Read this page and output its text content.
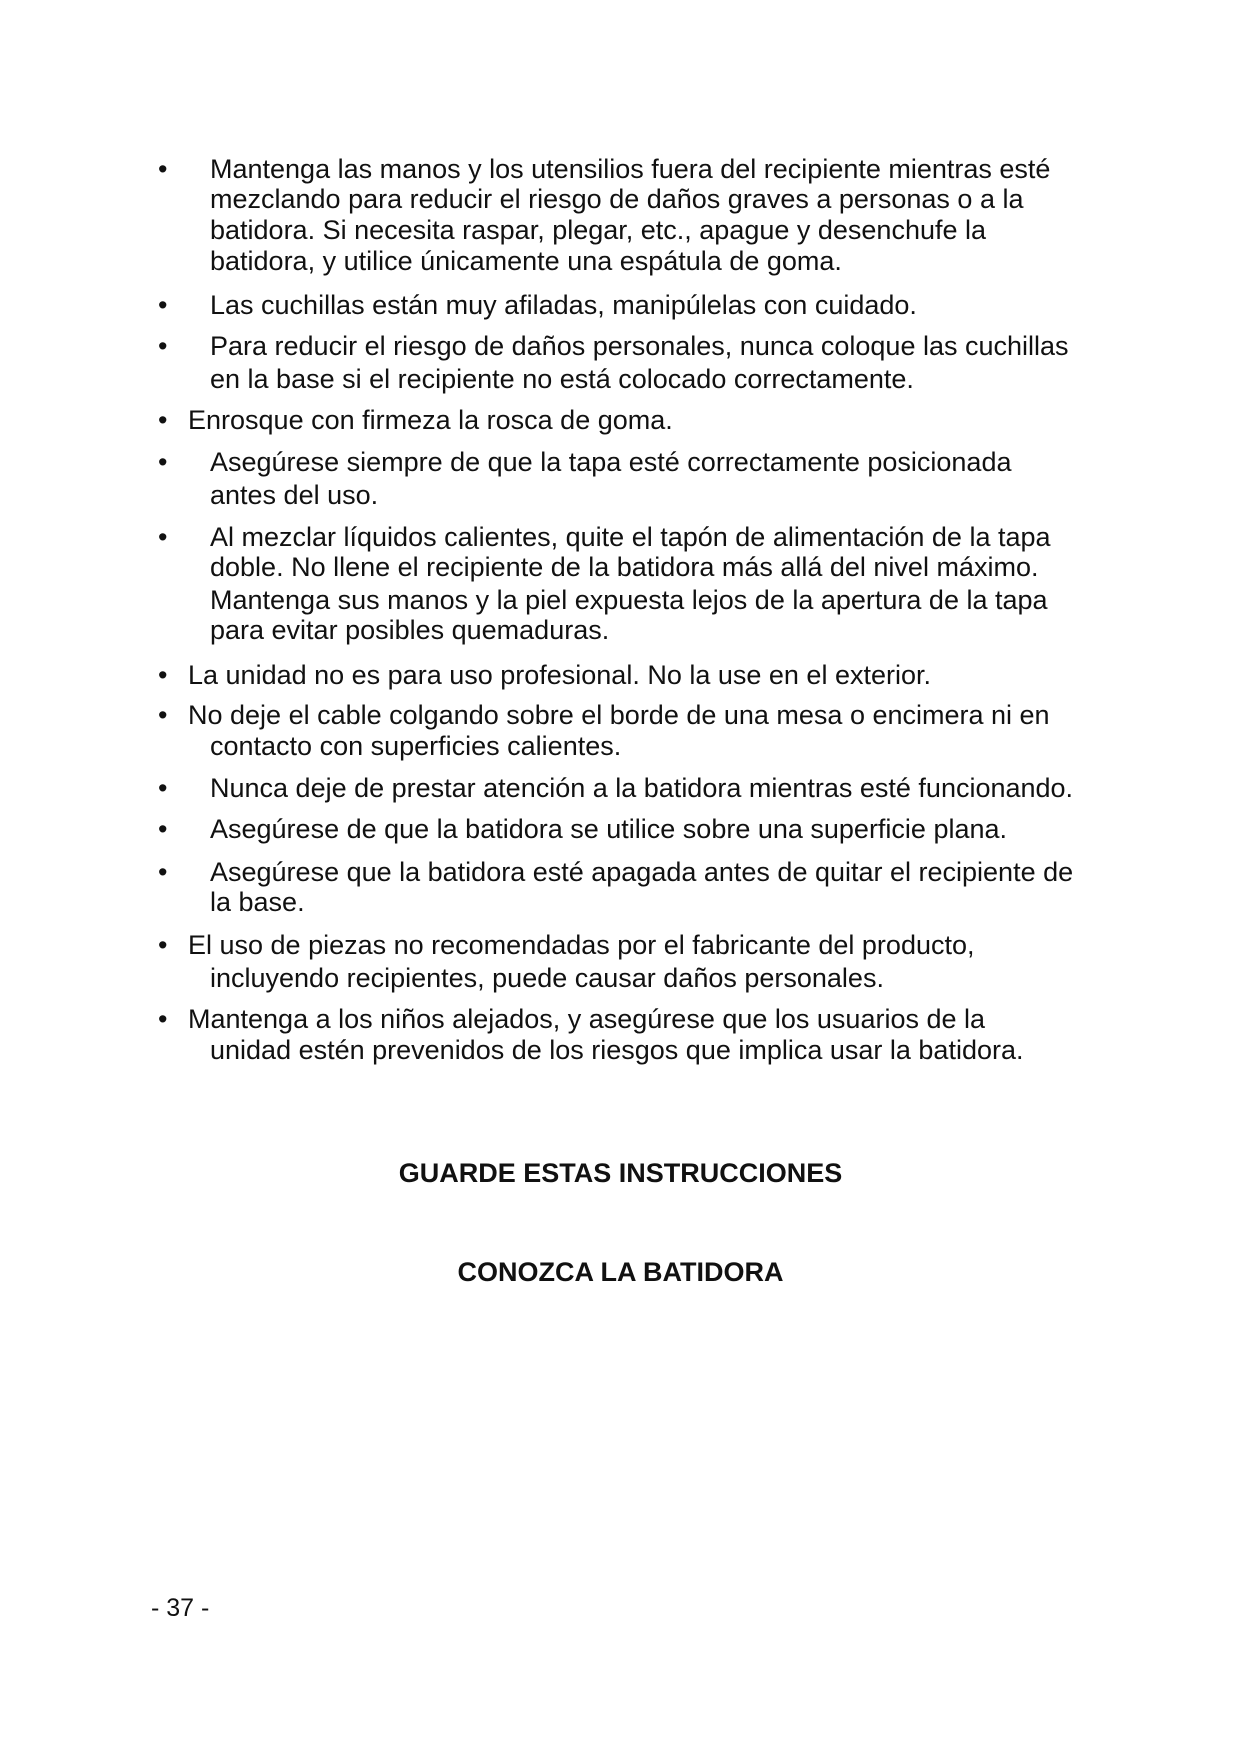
• Mantenga las manos y los utensilios fuera del recipiente mientras esté
mezclando para reducir el riesgo de daños graves a personas o a la
batidora. Si necesita raspar, plegar, etc., apague y desenchufe la
batidora, y utilice únicamente una espátula de goma.
• Las cuchillas están muy afiladas, manipúlelas con cuidado.
• Para reducir el riesgo de daños personales, nunca coloque las cuchillas
en la base si el recipiente no está colocado correctamente.
• Enrosque con firmeza la rosca de goma.
• Asegúrese siempre de que la tapa esté correctamente posicionada
antes del uso.
• Al mezclar líquidos calientes, quite el tapón de alimentación de la tapa
doble. No llene el recipiente de la batidora más allá del nivel máximo.
Mantenga sus manos y la piel expuesta lejos de la apertura de la tapa
para evitar posibles quemaduras.
• La unidad no es para uso profesional. No la use en el exterior.
• No deje el cable colgando sobre el borde de una mesa o encimera ni en
contacto con superficies calientes.
• Nunca deje de prestar atención a la batidora mientras esté funcionando.
• Asegúrese de que la batidora se utilice sobre una superficie plana.
• Asegúrese que la batidora esté apagada antes de quitar el recipiente de
la base.
• El uso de piezas no recomendadas por el fabricante del producto,
incluyendo recipientes, puede causar daños personales.
• Mantenga a los niños alejados, y asegúrese que los usuarios de la
unidad estén prevenidos de los riesgos que implica usar la batidora.
GUARDE ESTAS INSTRUCCIONES
CONOZCA LA BATIDORA
- 37 -
